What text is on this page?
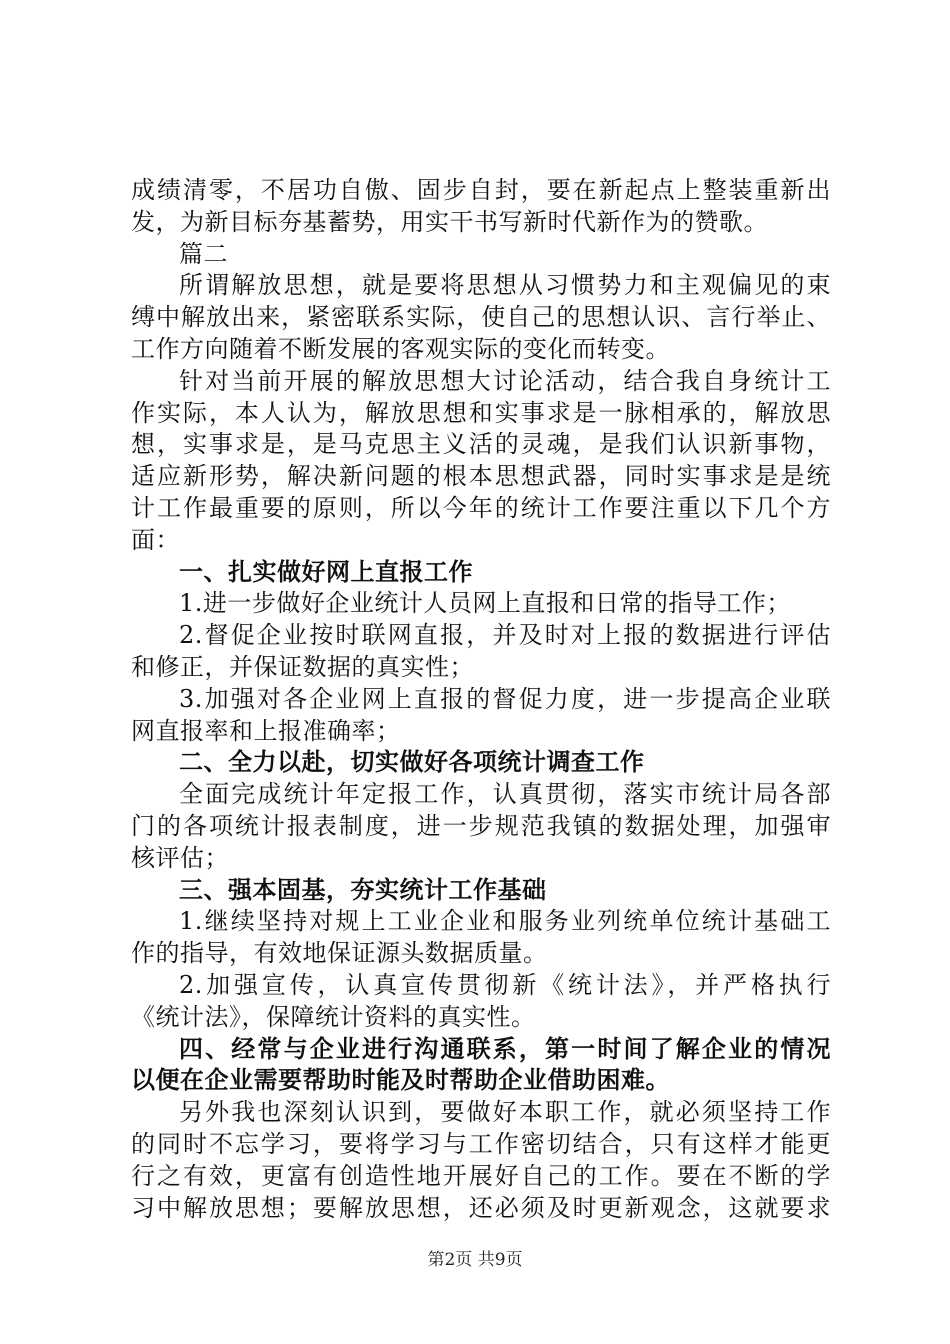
成绩清零，不居功自傲、固步自封，要在新起点上整装重新出
发，为新目标夯基蓄势，用实干书写新时代新作为的赞歌。
篇二
所谓解放思想，就是要将思想从习惯势力和主观偏见的束
缚中解放出来，紧密联系实际，使自己的思想认识、言行举止、
工作方向随着不断发展的客观实际的变化而转变。
针对当前开展的解放思想大讨论活动，结合我自身统计工
作实际，本人认为，解放思想和实事求是一脉相承的，解放思
想，实事求是，是马克思主义活的灵魂，是我们认识新事物，
适应新形势，解决新问题的根本思想武器，同时实事求是是统
计工作最重要的原则，所以今年的统计工作要注重以下几个方
面：
一、扎实做好网上直报工作
1.进一步做好企业统计人员网上直报和日常的指导工作；
2.督促企业按时联网直报，并及时对上报的数据进行评估
和修正，并保证数据的真实性；
3.加强对各企业网上直报的督促力度，进一步提高企业联
网直报率和上报准确率；
二、全力以赴，切实做好各项统计调查工作
全面完成统计年定报工作，认真贯彻，落实市统计局各部
门的各项统计报表制度，进一步规范我镇的数据处理，加强审
核评估；
三、强本固基，夯实统计工作基础
1.继续坚持对规上工业企业和服务业列统单位统计基础工
作的指导，有效地保证源头数据质量。
2.加强宣传，认真宣传贯彻新《统计法》，并严格执行
《统计法》，保障统计资料的真实性。
四、经常与企业进行沟通联系，第一时间了解企业的情况
以便在企业需要帮助时能及时帮助企业借助困难。
另外我也深刻认识到，要做好本职工作，就必须坚持工作
的同时不忘学习，要将学习与工作密切结合，只有这样才能更
行之有效，更富有创造性地开展好自己的工作。要在不断的学
习中解放思想；要解放思想，还必须及时更新观念，这就要求
第2页 共9页
